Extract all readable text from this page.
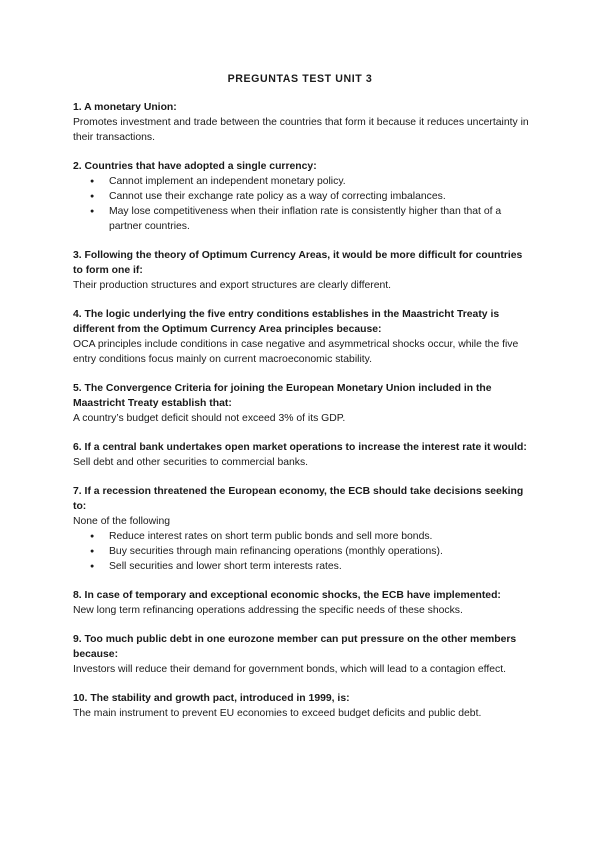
PREGUNTAS TEST UNIT 3
1. A monetary Union:
Promotes investment and trade between the countries that form it because it reduces uncertainty in their transactions.
2. Countries that have adopted a single currency:
● Cannot implement an independent monetary policy.
● Cannot use their exchange rate policy as a way of correcting imbalances.
● May lose competitiveness when their inflation rate is consistently higher than that of a partner countries.
3. Following the theory of Optimum Currency Areas, it would be more difficult for countries to form one if:
Their production structures and export structures are clearly different.
4. The logic underlying the five entry conditions establishes in the Maastricht Treaty is different from the Optimum Currency Area principles because:
OCA principles include conditions in case negative and asymmetrical shocks occur, while the five entry conditions focus mainly on current macroeconomic stability.
5. The Convergence Criteria for joining the European Monetary Union included in the Maastricht Treaty establish that:
A country’s budget deficit should not exceed 3% of its GDP.
6. If a central bank undertakes open market operations to increase the interest rate it would:
Sell debt and other securities to commercial banks.
7. If a recession threatened the European economy, the ECB should take decisions seeking to:
None of the following
● Reduce interest rates on short term public bonds and sell more bonds.
● Buy securities through main refinancing operations (monthly operations).
● Sell securities and lower short term interests rates.
8. In case of temporary and exceptional economic shocks, the ECB have implemented:
New long term refinancing operations addressing the specific needs of these shocks.
9. Too much public debt in one eurozone member can put pressure on the other members because:
Investors will reduce their demand for government bonds, which will lead to a contagion effect.
10. The stability and growth pact, introduced in 1999, is:
The main instrument to prevent EU economies to exceed budget deficits and public debt.
